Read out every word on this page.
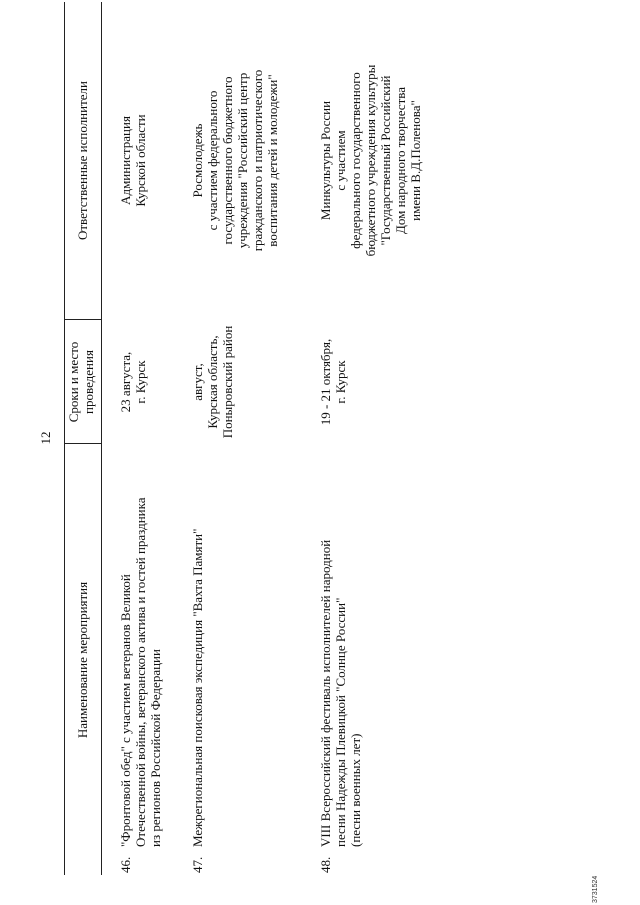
12
Наименование мероприятия
Сроки и место
проведения
Ответственные исполнители
46.
"Фронтовой обед" с участием ветеранов Великой
Отечественной войны, ветеранского актива и гостей праздника
из регионов Российской Федерации
23 августа,
г. Курск
Администрация
Курской области
47.
Межрегиональная поисковая экспедиция "Вахта Памяти"
август,
Курская область,
Поныровский район
Росмолодежь
с участием федерального
государственного бюджетного
учреждения "Российский центр
гражданского и патриотического
воспитания детей и молодежи"
48.
VIII Всероссийский фестиваль исполнителей народной
песни Надежды Плевицкой "Солнце России"
(песни военных лет)
19 - 21 октября,
г. Курск
Минкультуры России
с участием
федерального государственного
бюджетного учреждения культуры
"Государственный Российский
Дом народного творчества
имени В.Д.Поленова"
3731524
